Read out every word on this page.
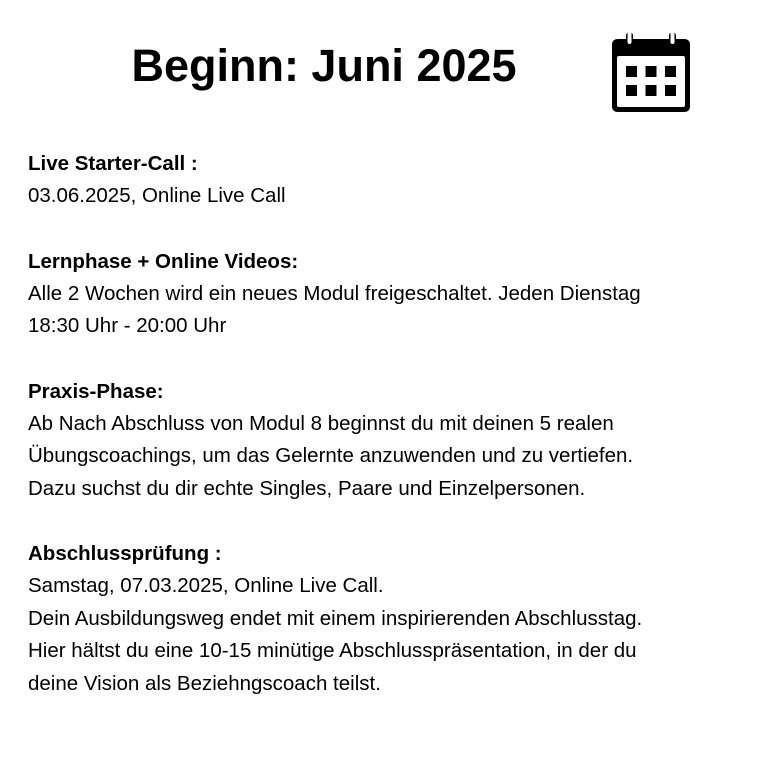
Beginn: Juni 2025

Live Starter-Call :

03.06.2025, Online Live Call

Lernphase + Online Videos:

Alle 2 Wochen wird ein neues Modul freigeschaltet. Jeden Dienstag

18:30 Uhr - 20:00 Uhr

Praxis-Phase:

Ab Nach Abschluss von Modul 8 beginnst du mit deinen 5 realen

Übungscoachings, um das Gelernte anzuwenden und zu vertiefen.

Dazu suchst du dir echte Singles, Paare und Einzelpersonen.

Abschlussprüfung :

Samstag, 07.03.2025, Online Live Call.

Dein Ausbildungsweg endet mit einem inspirierenden Abschlusstag.

Hier hältst du eine 10-15 minütige Abschlusspräsentation, in der du

deine Vision als Beziehngscoach teilst.
